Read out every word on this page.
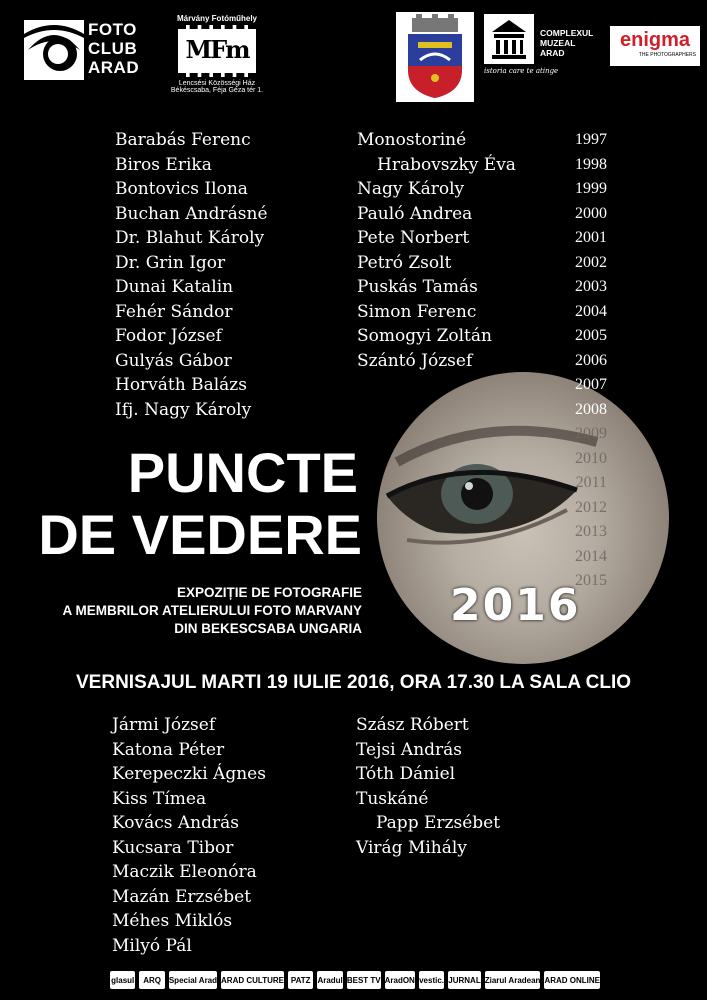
FOTO
CLUB
ARAD
Márvány Fotóműhely
MFm
Lencsési Közösségi Ház
Békéscsaba, Féja Géza tér 1.
COMPLEXUL
MUZEAL
ARAD
istoria care te atinge
enigma
THE PHOTOGRAPHERS
Barabás Ferenc
Biros Erika
Bontovics Ilona
Buchan Andrásné
Dr. Blahut Károly
Dr. Grin Igor
Dunai Katalin
Fehér Sándor
Fodor József
Gulyás Gábor
Horváth Balázs
Ifj. Nagy Károly
Monostoriné
Hrabovszky Éva
Nagy Károly
Pauló Andrea
Pete Norbert
Petró Zsolt
Puskás Tamás
Simon Ferenc
Somogyi Zoltán
Szántó József
1997
1998
1999
2000
2001
2002
2003
2004
2005
2006
2007
2008
2009
2010
2011
2012
2013
2014
2015
PUNCTE
DE VEDERE
EXPOZIȚIE DE FOTOGRAFIE
A MEMBRILOR ATELIERULUI FOTO MARVANY
DIN BEKESCSABA UNGARIA 2016
VERNISAJUL MARTI 19 IULIE 2016, ORA 17.30 LA SALA CLIO
Jármi József
Katona Péter
Kerepeczki Ágnes
Kiss Tímea
Kovács András
Kucsara Tibor
Maczik Eleonóra
Mazán Erzsébet
Méhes Miklós
Milyó Pál
Szász Róbert
Tejsi András
Tóth Dániel
Tuskáné
Papp Erzsébet
Virág Mihály
glasul	ARQ Special Arad ARAD CULTURE PATZ Aradul BEST TV AradON vestic. JURNAL Ziarul Aradean ARAD ONLINE
